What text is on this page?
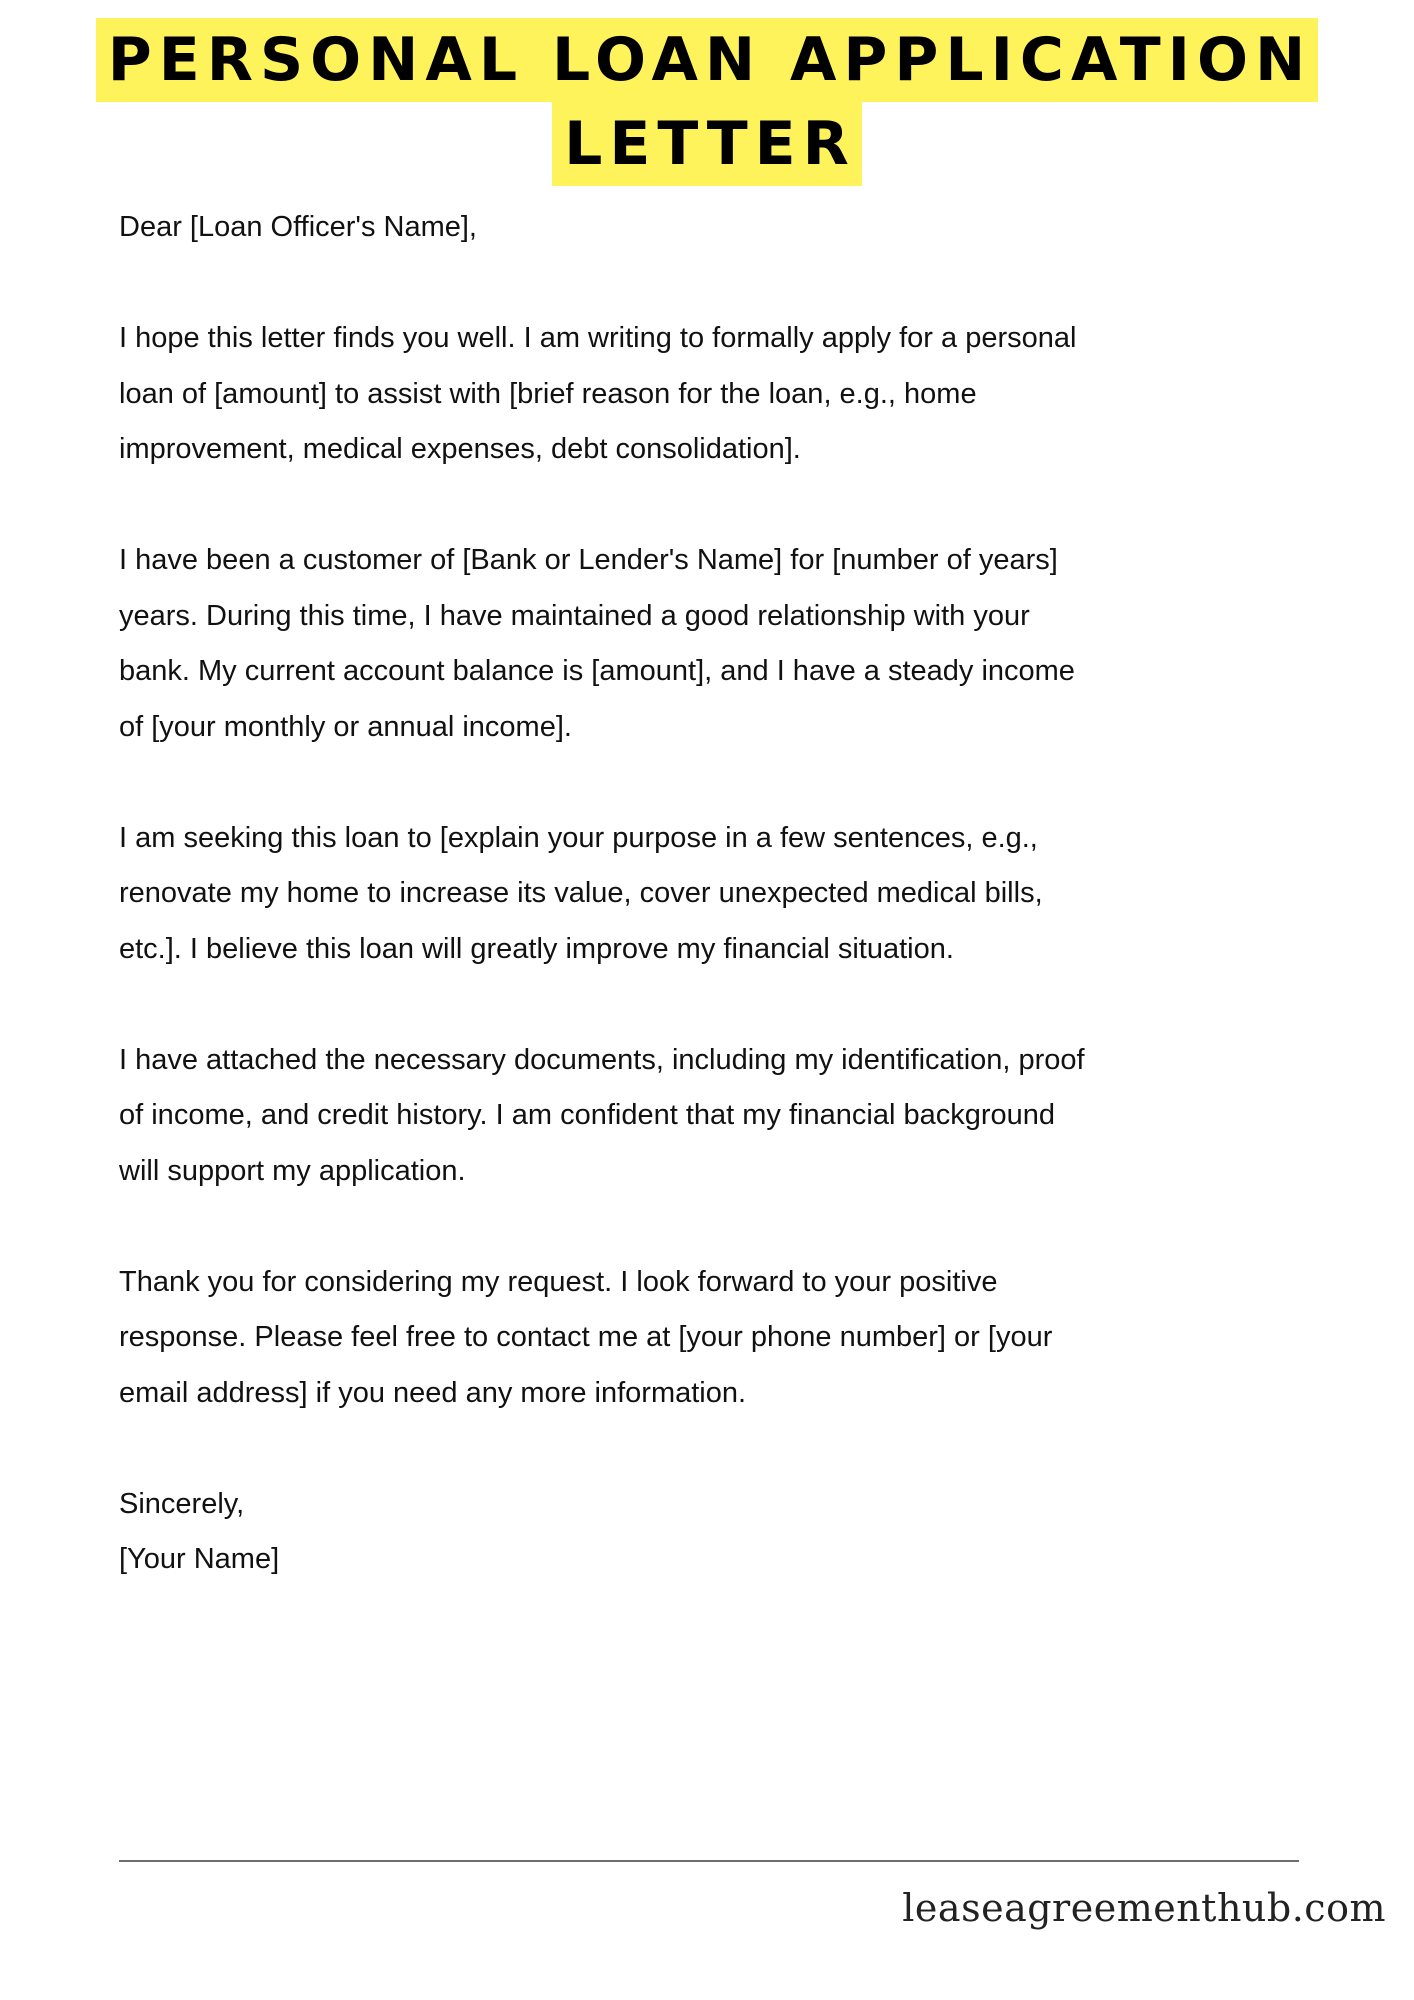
PERSONAL LOAN APPLICATION
LETTER

Dear [Loan Officer's Name],

I hope this letter finds you well. I am writing to formally apply for a personal
loan of [amount] to assist with [brief reason for the loan, e.g., home
improvement, medical expenses, debt consolidation].

I have been a customer of [Bank or Lender's Name] for [number of years]
years. During this time, I have maintained a good relationship with your
bank. My current account balance is [amount], and I have a steady income
of [your monthly or annual income].

I am seeking this loan to [explain your purpose in a few sentences, e.g.,
renovate my home to increase its value, cover unexpected medical bills,
etc.]. I believe this loan will greatly improve my financial situation.

I have attached the necessary documents, including my identification, proof
of income, and credit history. I am confident that my financial background
will support my application.

Thank you for considering my request. I look forward to your positive
response. Please feel free to contact me at [your phone number] or [your
email address] if you need any more information.

Sincerely,
[Your Name]

leaseagreementhub.com
